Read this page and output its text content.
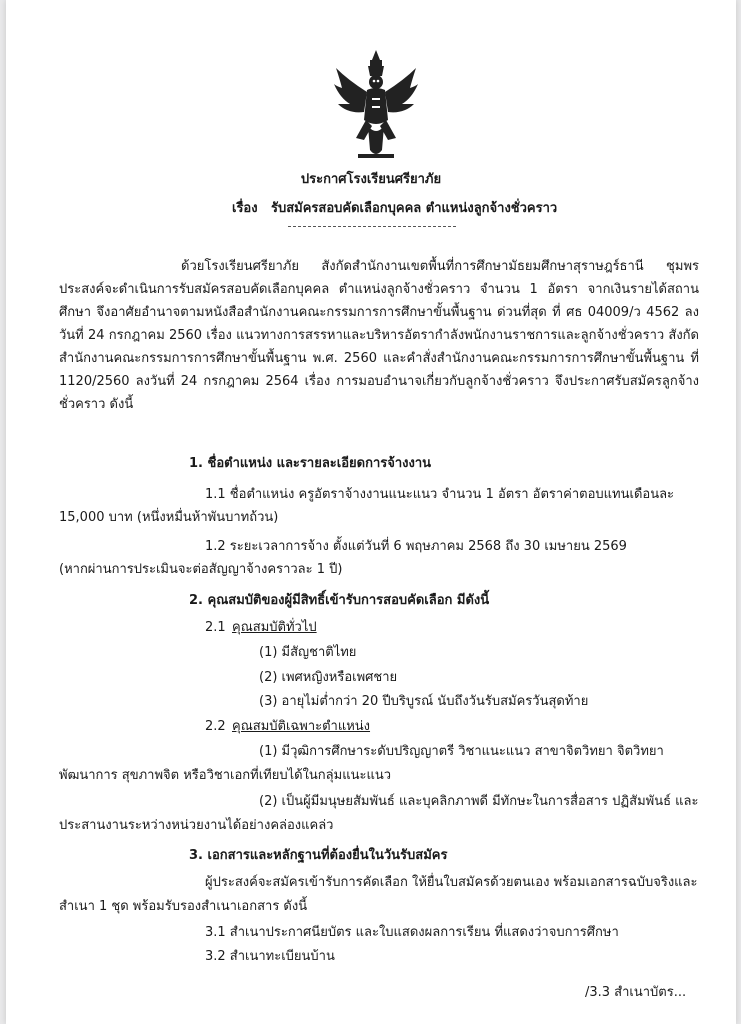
ประกาศโรงเรียนศรียาภัย
เรื่อง รับสมัครสอบคัดเลือกบุคคล ตำแหน่งลูกจ้างชั่วคราว

ด้วยโรงเรียนศรียาภัย สังกัดสำนักงานเขตพื้นที่การศึกษามัธยมศึกษาสุราษฎร์ธานี ชุมพร ประสงค์จะดำเนินการรับสมัครสอบคัดเลือกบุคคล ตำแหน่งลูกจ้างชั่วคราว จำนวน 1 อัตรา จากเงินรายได้สถานศึกษา จึงอาศัยอำนาจตามหนังสือสำนักงานคณะกรรมการการศึกษาขั้นพื้นฐาน ด่วนที่สุด ที่ ศธ 04009/ว 4562 ลงวันที่ 24 กรกฎาคม 2560 เรื่อง แนวทางการสรรหาและบริหารอัตรากำลังพนักงานราชการและลูกจ้างชั่วคราว สังกัดสำนักงานคณะกรรมการการศึกษาขั้นพื้นฐาน พ.ศ. 2560 และคำสั่งสำนักงานคณะกรรมการการศึกษาขั้นพื้นฐาน ที่ 1120/2560 ลงวันที่ 24 กรกฎาคม 2564 เรื่อง การมอบอำนาจเกี่ยวกับลูกจ้างชั่วคราว จึงประกาศรับสมัครลูกจ้างชั่วคราว ดังนี้

1. ชื่อตำแหน่ง และรายละเอียดการจ้างงาน
1.1 ชื่อตำแหน่ง ครูอัตราจ้างงานแนะแนว จำนวน 1 อัตรา อัตราค่าตอบแทนเดือนละ
15,000 บาท (หนึ่งหมื่นห้าพันบาทถ้วน)
1.2 ระยะเวลาการจ้าง ตั้งแต่วันที่ 6 พฤษภาคม 2568 ถึง 30 เมษายน 2569
(หากผ่านการประเมินจะต่อสัญญาจ้างคราวละ 1 ปี)
2. คุณสมบัติของผู้มีสิทธิ์เข้ารับการสอบคัดเลือก มีดังนี้
2.1 คุณสมบัติทั่วไป
(1) มีสัญชาติไทย
(2) เพศหญิงหรือเพศชาย
(3) อายุไม่ต่ำกว่า 20 ปีบริบูรณ์ นับถึงวันรับสมัครวันสุดท้าย
2.2 คุณสมบัติเฉพาะตำแหน่ง
(1) มีวุฒิการศึกษาระดับปริญญาตรี วิชาแนะแนว สาขาจิตวิทยา จิตวิทยา
พัฒนาการ สุขภาพจิต หรือวิชาเอกที่เทียบได้ในกลุ่มแนะแนว
(2) เป็นผู้มีมนุษยสัมพันธ์ และบุคลิกภาพดี มีทักษะในการสื่อสาร ปฏิสัมพันธ์ และ
ประสานงานระหว่างหน่วยงานได้อย่างคล่องแคล่ว
3. เอกสารและหลักฐานที่ต้องยื่นในวันรับสมัคร
ผู้ประสงค์จะสมัครเข้ารับการคัดเลือก ให้ยื่นใบสมัครด้วยตนเอง พร้อมเอกสารฉบับจริงและ
สำเนา 1 ชุด พร้อมรับรองสำเนาเอกสาร ดังนี้
3.1 สำเนาประกาศนียบัตร และใบแสดงผลการเรียน ที่แสดงว่าจบการศึกษา
3.2 สำเนาทะเบียนบ้าน
/3.3 สำเนาบัตร...
